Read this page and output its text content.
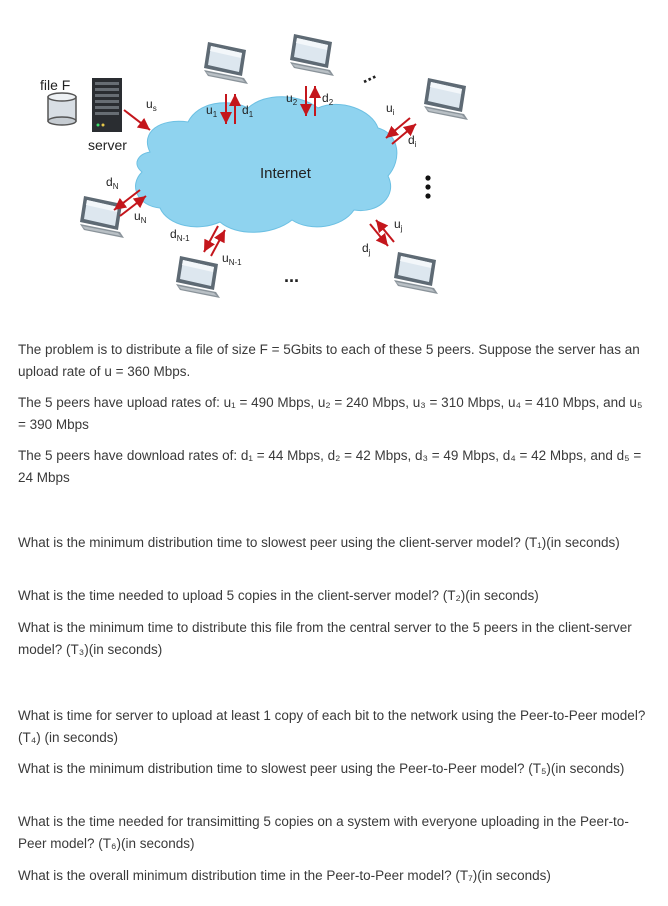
Internet
file F
server
$u_s$	$u_1$ $d_1$
$u_2$ $d_2$
...
$u_i$
$d_i$
$d_N$
$u_N$
$d_{N-1}$
$u_{N-1}$
...
$u_j$
$d_j$

The problem is to distribute a file of size F = 5Gbits to each of these 5 peers. Suppose the server has an upload rate of u = 360 Mbps.

The 5 peers have upload rates of: u₁ = 490 Mbps, u₂ = 240 Mbps, u₃ = 310 Mbps, u₄ = 410 Mbps, and u₅ = 390 Mbps

The 5 peers have download rates of: d₁ = 44 Mbps, d₂ = 42 Mbps, d₃ = 49 Mbps, d₄ = 42 Mbps, and d₅ = 24 Mbps

What is the minimum distribution time to slowest peer using the client-server model? (T₁)(in seconds)

What is the time needed to upload 5 copies in the client-server model? (T₂)(in seconds)

What is the minimum time to distribute this file from the central server to the 5 peers in the client-server model? (T₃)(in seconds)

What is time for server to upload at least 1 copy of each bit to the network using the Peer-to-Peer model? (T₄) (in seconds)

What is the minimum distribution time to slowest peer using the Peer-to-Peer model? (T₅)(in seconds)

What is the time needed for transimitting 5 copies on a system with everyone uploading in the Peer-to-Peer model? (T₆)(in seconds)

What is the overall minimum distribution time in the Peer-to-Peer model? (T₇)(in seconds)
